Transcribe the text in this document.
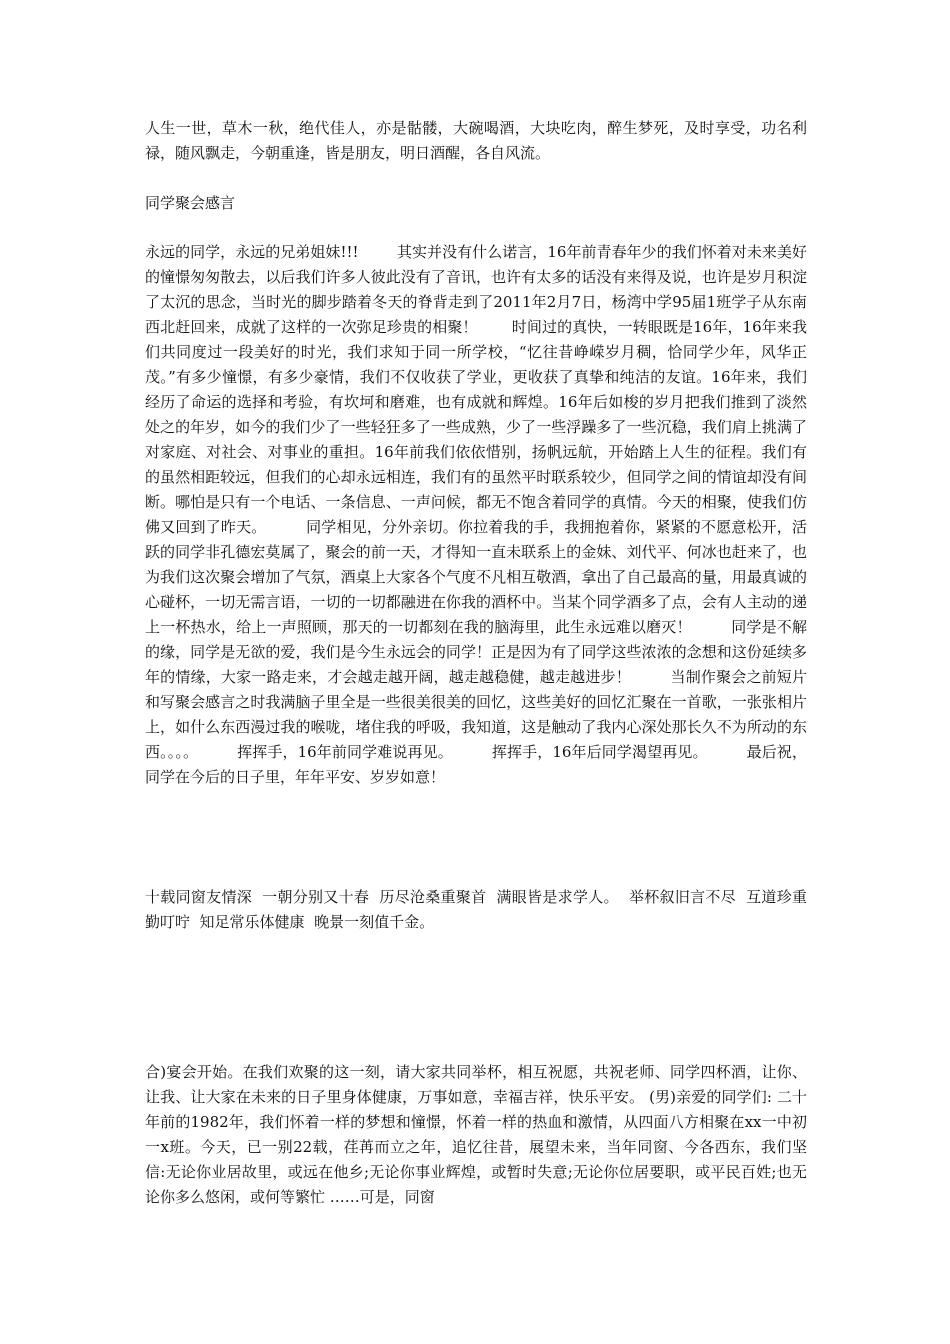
人生一世，草木一秋，绝代佳人，亦是骷髅，大碗喝酒，大块吃肉，醉生梦死，及时享受，功名利禄，随风飘走，今朝重逢，皆是朋友，明日酒醒，各自风流。

同学聚会感言

永远的同学，永远的兄弟姐妹!!!        其实并没有什么诺言，16年前青春年少的我们怀着对未来美好的憧憬匆匆散去，以后我们许多人彼此没有了音讯，也许有太多的话没有来得及说，也许是岁月积淀了太沉的思念，当时光的脚步踏着冬天的脊背走到了2011年2月7日，杨湾中学95届1班学子从东南西北赶回来，成就了这样的一次弥足珍贵的相聚！       时间过的真快，一转眼既是16年，16年来我们共同度过一段美好的时光，我们求知于同一所学校，“忆往昔峥嵘岁月稠，恰同学少年，风华正茂。”有多少憧憬，有多少豪情，我们不仅收获了学业，更收获了真挚和纯洁的友谊。16年来，我们经历了命运的选择和考验，有坎坷和磨难，也有成就和辉煌。16年后如梭的岁月把我们推到了淡然处之的年岁，如今的我们少了一些轻狂多了一些成熟，少了一些浮躁多了一些沉稳，我们肩上挑满了对家庭、对社会、对事业的重担。16年前我们依依惜别，扬帆远航，开始踏上人生的征程。我们有的虽然相距较远，但我们的心却永远相连，我们有的虽然平时联系较少，但同学之间的情谊却没有间断。哪怕是只有一个电话、一条信息、一声问候，都无不饱含着同学的真情。今天的相聚，使我们仿佛又回到了昨天。        同学相见，分外亲切。你拉着我的手，我拥抱着你，紧紧的不愿意松开，活跃的同学非孔德宏莫属了，聚会的前一天，才得知一直未联系上的金妹、刘代平、何冰也赶来了，也为我们这次聚会增加了气氛，酒桌上大家各个气度不凡相互敬酒，拿出了自己最高的量，用最真诚的心碰杯，一切无需言语，一切的一切都融进在你我的酒杯中。当某个同学酒多了点，会有人主动的递上一杯热水，给上一声照顾，那天的一切都刻在我的脑海里，此生永远难以磨灭！        同学是不解的缘，同学是无欲的爱，我们是今生永远会的同学！正是因为有了同学这些浓浓的念想和这份延续多年的情缘，大家一路走来，才会越走越开阔，越走越稳健，越走越进步！        当制作聚会之前短片和写聚会感言之时我满脑子里全是一些很美很美的回忆，这些美好的回忆汇聚在一首歌，一张张相片上，如什么东西漫过我的喉咙，堵住我的呼吸，我知道，这是触动了我内心深处那长久不为所动的东西。。。。        挥挥手，16年前同学难说再见。        挥挥手，16年后同学渴望再见。        最后祝，同学在今后的日子里，年年平安、岁岁如意！

十载同窗友情深  一朝分别又十春  历尽沧桑重聚首  满眼皆是求学人。  举杯叙旧言不尽  互道珍重勤叮咛  知足常乐体健康  晚景一刻值千金。

合)宴会开始。在我们欢聚的这一刻，请大家共同举杯，相互祝愿，共祝老师、同学四杯酒，让你、让我、让大家在未来的日子里身体健康，万事如意，幸福吉祥，快乐平安。 (男)亲爱的同学们: 二十年前的1982年，我们怀着一样的梦想和憧憬，怀着一样的热血和激情，从四面八方相聚在xx一中初一x班。今天，已一别22载，荏苒而立之年，追忆往昔，展望未来，当年同窗、今各西东，我们坚信:无论你业居故里，或远在他乡;无论你事业辉煌，或暂时失意;无论你位居要职，或平民百姓;也无论你多么悠闲，或何等繁忙 ……可是，同窗
